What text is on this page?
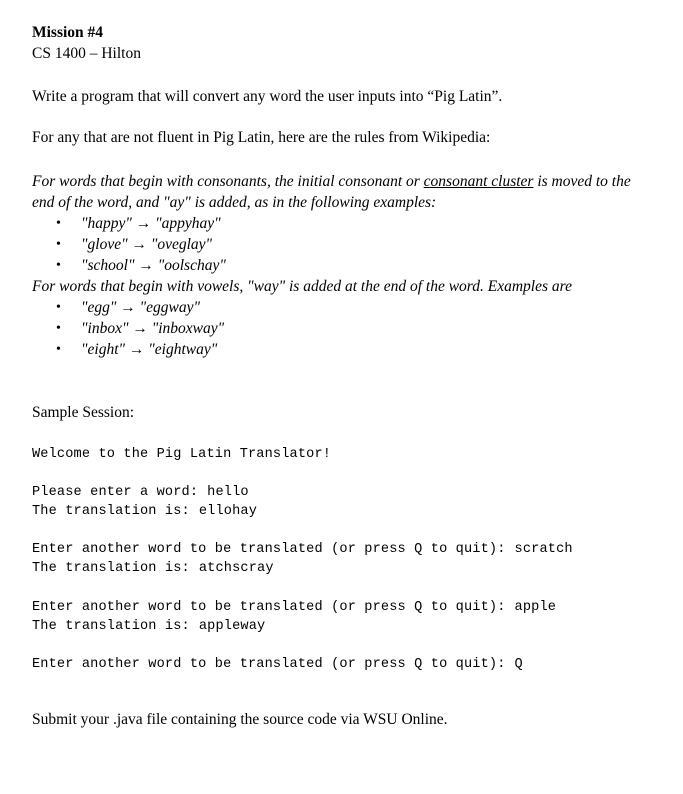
Mission #4
CS 1400 – Hilton
Write a program that will convert any word the user inputs into “Pig Latin”.
For any that are not fluent in Pig Latin, here are the rules from Wikipedia:
For words that begin with consonants, the initial consonant or consonant cluster is moved to the
end of the word, and "ay" is added, as in the following examples:
• "happy" → "appyhay"
• "glove" → "oveglay"
• "school" → "oolschay"
For words that begin with vowels, "way" is added at the end of the word. Examples are
• "egg" → "eggway"
• "inbox" → "inboxway"
• "eight" → "eightway"
Sample Session:
Welcome to the Pig Latin Translator!
Please enter a word: hello
The translation is: ellohay
Enter another word to be translated (or press Q to quit): scratch
The translation is: atchscray
Enter another word to be translated (or press Q to quit): apple
The translation is: appleway
Enter another word to be translated (or press Q to quit): Q
Submit your .java file containing the source code via WSU Online.
